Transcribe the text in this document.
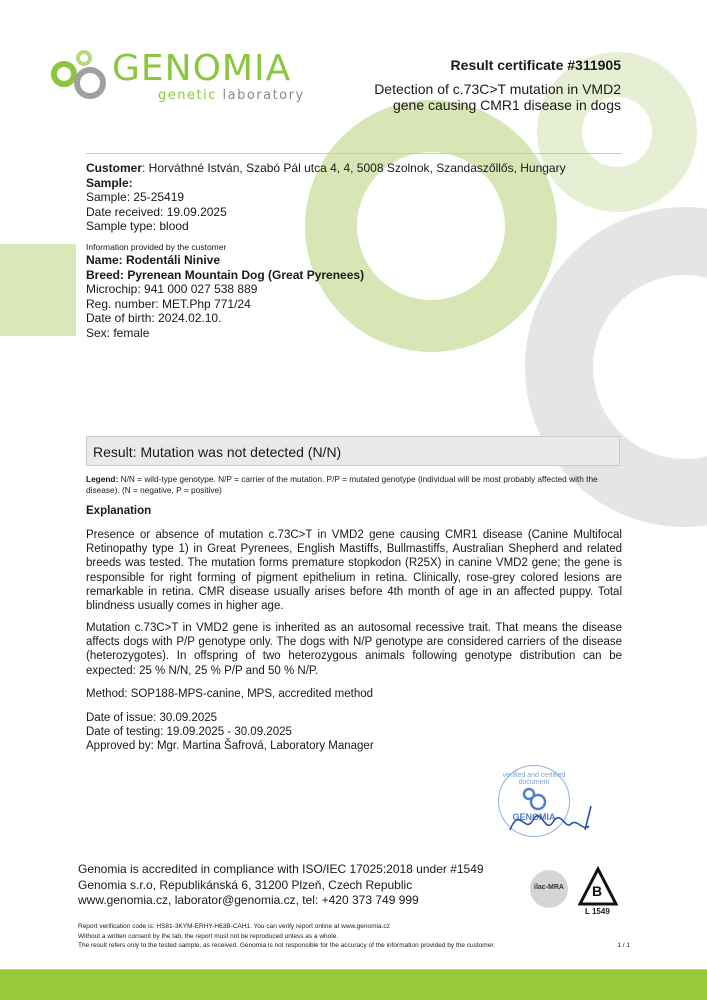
GENOMIA
genetic laboratory
Result certificate #311905
Detection of c.73C>T mutation in VMD2
gene causing CMR1 disease in dogs
Customer: Horváthné István, Szabó Pál utca 4, 4, 5008 Szolnok, Szandaszőllős, Hungary
Sample:
Sample: 25-25419
Date received: 19.09.2025
Sample type: blood
Information provided by the customer
Name: Rodentáli Ninive
Breed: Pyrenean Mountain Dog (Great Pyrenees)
Microchip: 941 000 027 538 889
Reg. number: MET.Php 771/24
Date of birth: 2024.02.10.
Sex: female
Result: Mutation was not detected (N/N)
Legend: N/N = wild-type genotype. N/P = carrier of the mutation. P/P = mutated genotype (individual will be most probably affected with the disease). (N = negative, P = positive)
Explanation
Presence or absence of mutation c.73C>T in VMD2 gene causing CMR1 disease (Canine Multifocal Retinopathy type 1) in Great Pyrenees, English Mastiffs, Bullmastiffs, Australian Shepherd and related breeds was tested. The mutation forms premature stopkodon (R25X) in canine VMD2 gene; the gene is responsible for right forming of pigment epithelium in retina. Clinically, rose-grey colored lesions are remarkable in retina. CMR disease usually arises before 4th month of age in an affected puppy. Total blindness usually comes in higher age.
Mutation c.73C>T in VMD2 gene is inherited as an autosomal recessive trait. That means the disease affects dogs with P/P genotype only. The dogs with N/P genotype are considered carriers of the disease (heterozygotes). In offspring of two heterozygous animals following genotype distribution can be expected: 25 % N/N, 25 % P/P and 50 % N/P.
Method: SOP188-MPS-canine, MPS, accredited method
Date of issue: 30.09.2025
Date of testing: 19.09.2025 - 30.09.2025
Approved by: Mgr. Martina Šafrová, Laboratory Manager
verified and certified document
GENOMIA
Genomia is accredited in compliance with ISO/IEC 17025:2018 under #1549
Genomia s.r.o, Republikánská 6, 31200 Plzeň, Czech Republic
www.genomia.cz, laborator@genomia.cz, tel: +420 373 749 999
ilac-MRA B
L 1549
Report verification code is: HS81-3KYM-ERHY-H63B-CAH1. You can verify report online at www.genomia.cz
Without a written consent by the lab, the report must not be reproduced unless as a whole.
The result refers only to the tested sample, as received. Genomia is not responsible for the accuracy of the information provided by the customer.	1 / 1
